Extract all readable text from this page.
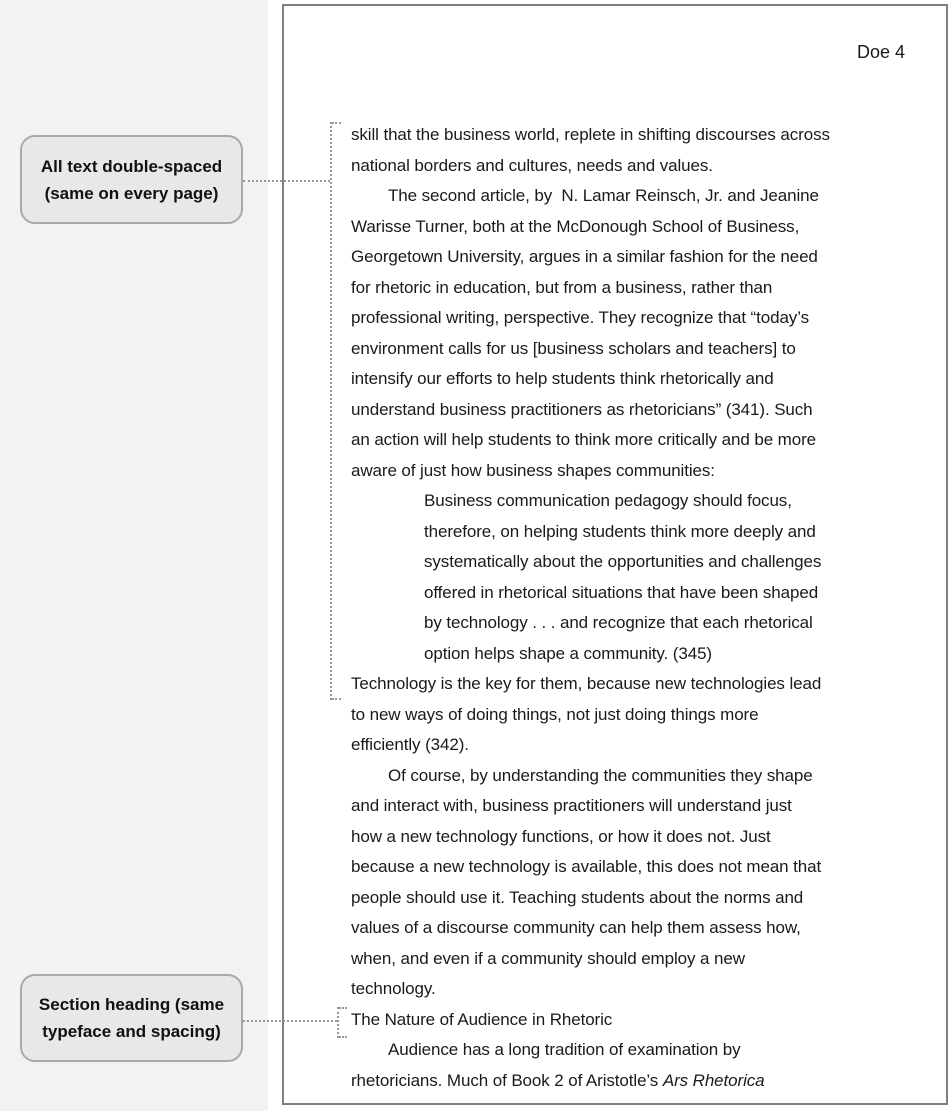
All text double-spaced
(same on every page)
Section heading (same
typeface and spacing)
Doe 4
skill that the business world, replete in shifting discourses across
national borders and cultures, needs and values.
The second article, by  N. Lamar Reinsch, Jr. and Jeanine
Warisse Turner, both at the McDonough School of Business,
Georgetown University, argues in a similar fashion for the need
for rhetoric in education, but from a business, rather than
professional writing, perspective. They recognize that “today’s
environment calls for us [business scholars and teachers] to
intensify our efforts to help students think rhetorically and
understand business practitioners as rhetoricians” (341). Such
an action will help students to think more critically and be more
aware of just how business shapes communities:
Business communication pedagogy should focus,
therefore, on helping students think more deeply and
systematically about the opportunities and challenges
offered in rhetorical situations that have been shaped
by technology . . . and recognize that each rhetorical
option helps shape a community. (345)
Technology is the key for them, because new technologies lead
to new ways of doing things, not just doing things more
efficiently (342).
Of course, by understanding the communities they shape
and interact with, business practitioners will understand just
how a new technology functions, or how it does not. Just
because a new technology is available, this does not mean that
people should use it. Teaching students about the norms and
values of a discourse community can help them assess how,
when, and even if a community should employ a new
technology.
The Nature of Audience in Rhetoric
Audience has a long tradition of examination by
rhetoricians. Much of Book 2 of Aristotle’s Ars Rhetorica
